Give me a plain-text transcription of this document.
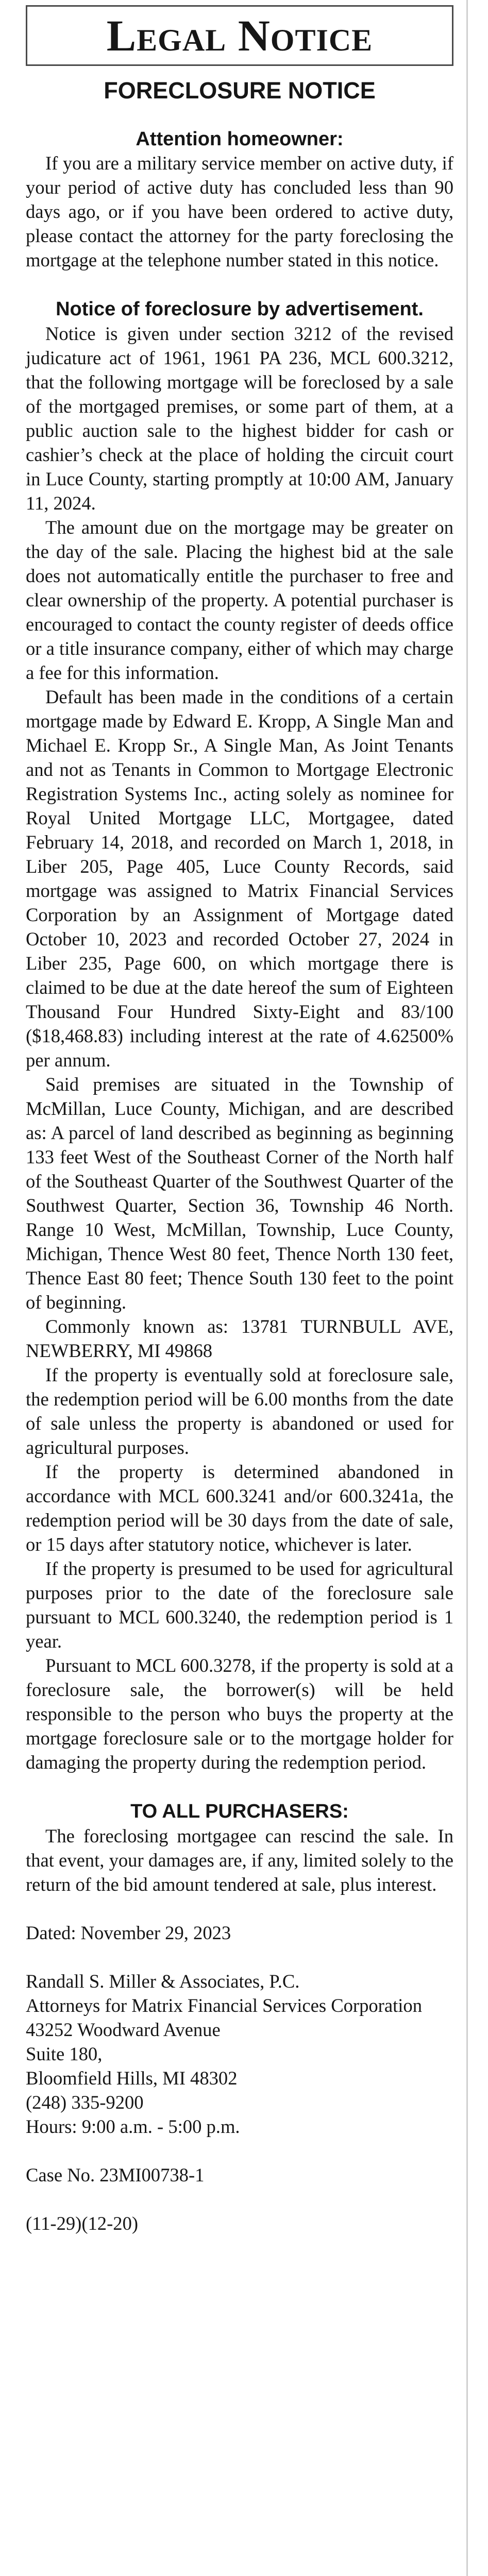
Legal Notice
FORECLOSURE NOTICE
Attention homeowner:

If you are a military service member on active duty, if your period of active duty has concluded less than 90 days ago, or if you have been ordered to active duty, please contact the attorney for the party foreclosing the mortgage at the telephone number stated in this notice.

Notice of foreclosure by advertisement.

Notice is given under section 3212 of the revised judicature act of 1961, 1961 PA 236, MCL 600.3212, that the following mortgage will be foreclosed by a sale of the mortgaged premises, or some part of them, at a public auction sale to the highest bidder for cash or cashier’s check at the place of holding the circuit court in Luce County, starting promptly at 10:00 AM, January 11, 2024.

The amount due on the mortgage may be greater on the day of the sale. Placing the highest bid at the sale does not automatically entitle the purchaser to free and clear ownership of the property. A potential purchaser is encouraged to contact the county register of deeds office or a title insurance company, either of which may charge a fee for this information.

Default has been made in the conditions of a certain mortgage made by Edward E. Kropp, A Single Man and Michael E. Kropp Sr., A Single Man, As Joint Tenants and not as Tenants in Common to Mortgage Electronic Registration Systems Inc., acting solely as nominee for Royal United Mortgage LLC, Mortgagee, dated February 14, 2018, and recorded on March 1, 2018, in Liber 205, Page 405, Luce County Records, said mortgage was assigned to Matrix Financial Services Corporation by an Assignment of Mortgage dated October 10, 2023 and recorded October 27, 2024 in Liber 235, Page 600, on which mortgage there is claimed to be due at the date hereof the sum of Eighteen Thousand Four Hundred Sixty-Eight and 83/100 ($18,468.83) including interest at the rate of 4.62500% per annum.

Said premises are situated in the Township of McMillan, Luce County, Michigan, and are described as: A parcel of land described as beginning as beginning 133 feet West of the Southeast Corner of the North half of the Southeast Quarter of the Southwest Quarter of the Southwest Quarter, Section 36, Township 46 North. Range 10 West, McMillan, Township, Luce County, Michigan, Thence West 80 feet, Thence North 130 feet, Thence East 80 feet; Thence South 130 feet to the point of beginning.

Commonly known as: 13781 TURNBULL AVE, NEWBERRY, MI 49868

If the property is eventually sold at foreclosure sale, the redemption period will be 6.00 months from the date of sale unless the property is abandoned or used for agricultural purposes.

If the property is determined abandoned in accordance with MCL 600.3241 and/or 600.3241a, the redemption period will be 30 days from the date of sale, or 15 days after statutory notice, whichever is later.

If the property is presumed to be used for agricultural purposes prior to the date of the foreclosure sale pursuant to MCL 600.3240, the redemption period is 1 year.

Pursuant to MCL 600.3278, if the property is sold at a foreclosure sale, the borrower(s) will be held responsible to the person who buys the property at the mortgage foreclosure sale or to the mortgage holder for damaging the property during the redemption period.

TO ALL PURCHASERS:

The foreclosing mortgagee can rescind the sale. In that event, your damages are, if any, limited solely to the return of the bid amount tendered at sale, plus interest.

Dated: November 29, 2023

Randall S. Miller & Associates, P.C.
Attorneys for Matrix Financial Services Corporation
43252 Woodward Avenue
Suite 180,
Bloomfield Hills, MI 48302
(248) 335-9200
Hours: 9:00 a.m. - 5:00 p.m.

Case No. 23MI00738-1

(11-29)(12-20)
